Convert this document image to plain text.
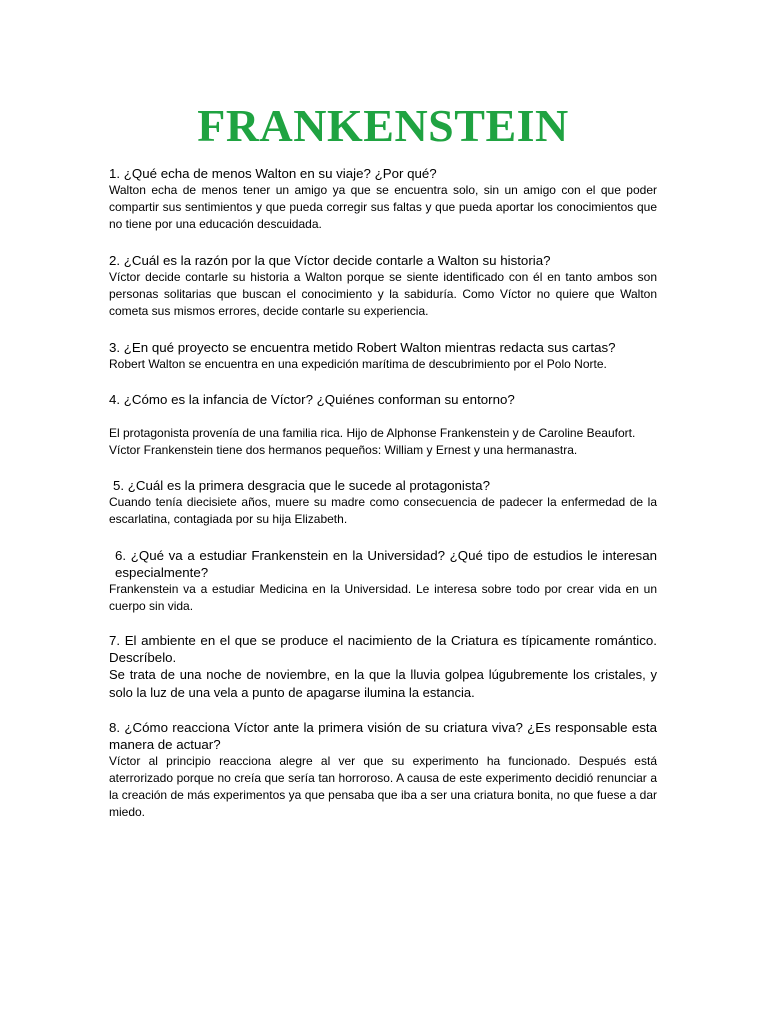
FRANKENSTEIN

1. ¿Qué echa de menos Walton en su viaje? ¿Por qué?

Walton echa de menos tener un amigo ya que se encuentra solo, sin un amigo con el que poder compartir sus sentimientos y que pueda corregir sus faltas y que pueda aportar los conocimientos que no tiene por una educación descuidada.

2. ¿Cuál es la razón por la que Víctor decide contarle a Walton su historia?

Víctor decide contarle su historia a Walton porque se siente identificado con él en tanto ambos son personas solitarias que buscan el conocimiento y la sabiduría. Como Víctor no quiere que Walton cometa sus mismos errores, decide contarle su experiencia.

3. ¿En qué proyecto se encuentra metido Robert Walton mientras redacta sus cartas?

Robert Walton se encuentra en una expedición marítima de descubrimiento por el Polo Norte.

4. ¿Cómo es la infancia de Víctor? ¿Quiénes conforman su entorno?

El protagonista provenía de una familia rica. Hijo de Alphonse Frankenstein y de Caroline Beaufort.
Víctor Frankenstein tiene dos hermanos pequeños: William y Ernest y una hermanastra.

5. ¿Cuál es la primera desgracia que le sucede al protagonista?

Cuando tenía diecisiete años, muere su madre como consecuencia de padecer la enfermedad de la escarlatina, contagiada por su hija Elizabeth.

6. ¿Qué va a estudiar Frankenstein en la Universidad? ¿Qué tipo de estudios le interesan especialmente?

Frankenstein va a estudiar Medicina en la Universidad. Le interesa sobre todo por crear vida en un cuerpo sin vida.

7. El ambiente en el que se produce el nacimiento de la Criatura es típicamente romántico. Descríbelo.

Se trata de una noche de noviembre, en la que la lluvia golpea lúgubremente los cristales, y solo la luz de una vela a punto de apagarse ilumina la estancia.

8. ¿Cómo reacciona Víctor ante la primera visión de su criatura viva? ¿Es responsable esta manera de actuar?

Víctor al principio reacciona alegre al ver que su experimento ha funcionado. Después está aterrorizado porque no creía que sería tan horroroso. A causa de este experimento decidió renunciar a la creación de más experimentos ya que pensaba que iba a ser una criatura bonita, no que fuese a dar miedo.
